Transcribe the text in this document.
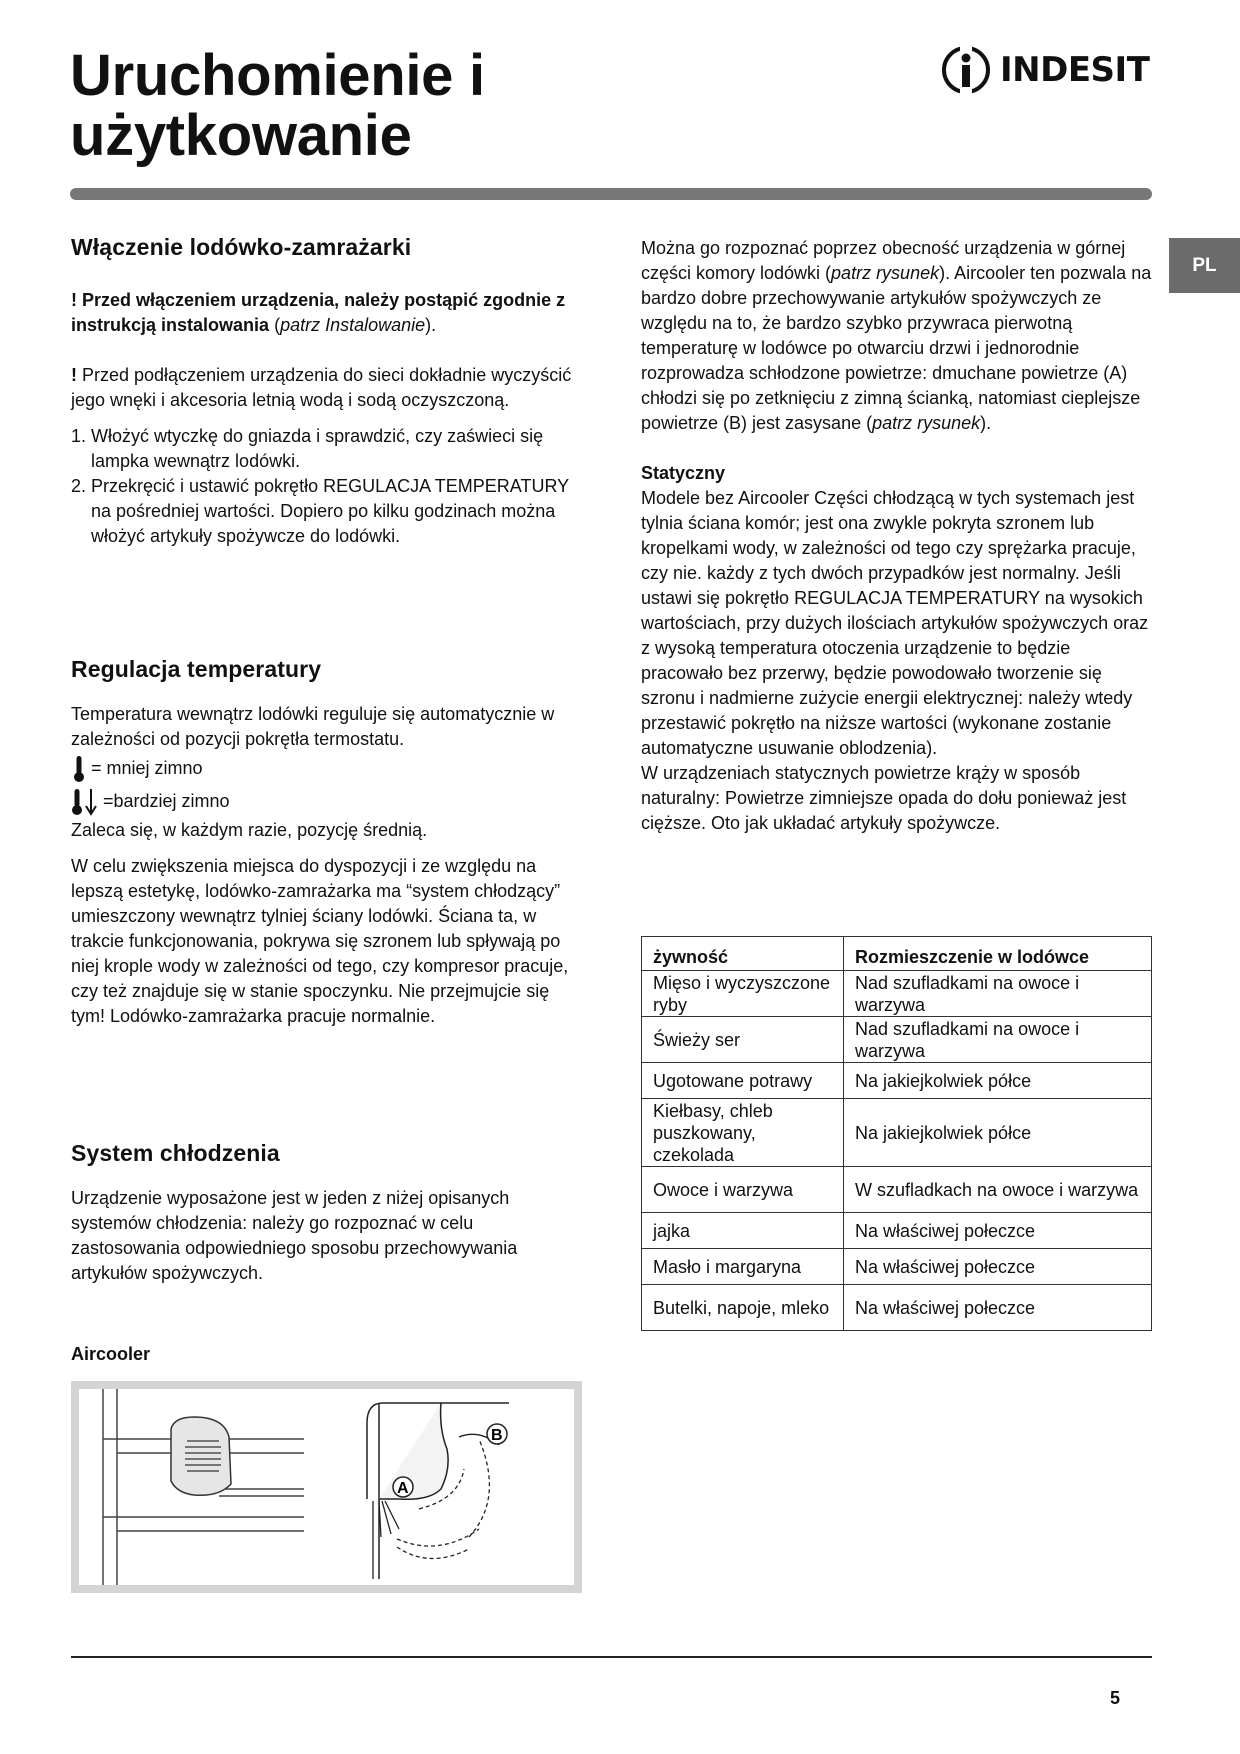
Uruchomienie i
użytkowanie
INDESIT
PL
Włączenie lodówko-zamrażarki

! Przed włączeniem urządzenia, należy postąpić zgodnie z instrukcją instalowania (patrz Instalowanie).

! Przed podłączeniem urządzenia do sieci dokładnie wyczyścić jego wnęki i akcesoria letnią wodą i sodą oczyszczoną.

1. Włożyć wtyczkę do gniazda i sprawdzić, czy zaświeci się lampka wewnątrz lodówki.
2. Przekręcić i ustawić pokrętło REGULACJA TEMPERATURY na pośredniej wartości. Dopiero po kilku godzinach można włożyć artykuły spożywcze do lodówki.
Regulacja temperatury

Temperatura wewnątrz lodówki reguluje się automatycznie w zależności od pozycji pokrętła termostatu.

= mniej zimno
=bardziej zimno

Zaleca się, w każdym razie, pozycję średnią.

W celu zwiększenia miejsca do dyspozycji i ze względu na lepszą estetykę, lodówko-zamrażarka ma “system chłodzący” umieszczony wewnątrz tylniej ściany lodówki. Ściana ta, w trakcie funkcjonowania, pokrywa się szronem lub spływają po niej krople wody w zależności od tego, czy kompresor pracuje, czy też znajduje się w stanie spoczynku. Nie przejmujcie się tym! Lodówko-zamrażarka pracuje normalnie.

System chłodzenia

Urządzenie wyposażone jest w jeden z niżej opisanych systemów chłodzenia: należy go rozpoznać w celu zastosowania odpowiedniego sposobu przechowywania artykułów spożywczych.

Aircooler
B
A

Można go rozpoznać poprzez obecność urządzenia w górnej części komory lodówki (patrz rysunek). Aircooler ten pozwala na bardzo dobre przechowywanie artykułów spożywczych ze względu na to, że bardzo szybko przywraca pierwotną temperaturę w lodówce po otwarciu drzwi i jednorodnie rozprowadza schłodzone powietrze: dmuchane powietrze (A) chłodzi się po zetknięciu z zimną ścianką, natomiast cieplejsze powietrze (B) jest zasysane (patrz rysunek).

Statyczny

Modele bez Aircooler Części chłodzącą w tych systemach jest tylnia ściana komór; jest ona zwykle pokryta szronem lub kropelkami wody, w zależności od tego czy sprężarka pracuje, czy nie. każdy z tych dwóch przypadków jest normalny. Jeśli ustawi się pokrętło REGULACJA TEMPERATURY na wysokich wartościach, przy dużych ilościach artykułów spożywczych oraz z wysoką temperatura otoczenia urządzenie to będzie pracowało bez przerwy, będzie powodowało tworzenie się szronu i nadmierne zużycie energii elektrycznej: należy wtedy przestawić pokrętło na niższe wartości (wykonane zostanie automatyczne usuwanie oblodzenia).

W urządzeniach statycznych powietrze krąży w sposób naturalny: Powietrze zimniejsze opada do dołu ponieważ jest cięższe. Oto jak układać artykuły spożywcze.

żywność	Rozmieszczenie w lodówce
Mięso i wyczyszczone ryby	Nad szufladkami na owoce i warzywa
Świeży ser	Nad szufladkami na owoce i warzywa
Ugotowane potrawy	Na jakiejkolwiek półce
Kiełbasy, chleb puszkowany, czekolada	Na jakiejkolwiek półce
Owoce i warzywa	W szufladkach na owoce i warzywa
jajka	Na właściwej połeczce
Masło i margaryna	Na właściwej połeczce
Butelki, napoje, mleko	Na właściwej połeczce
5
